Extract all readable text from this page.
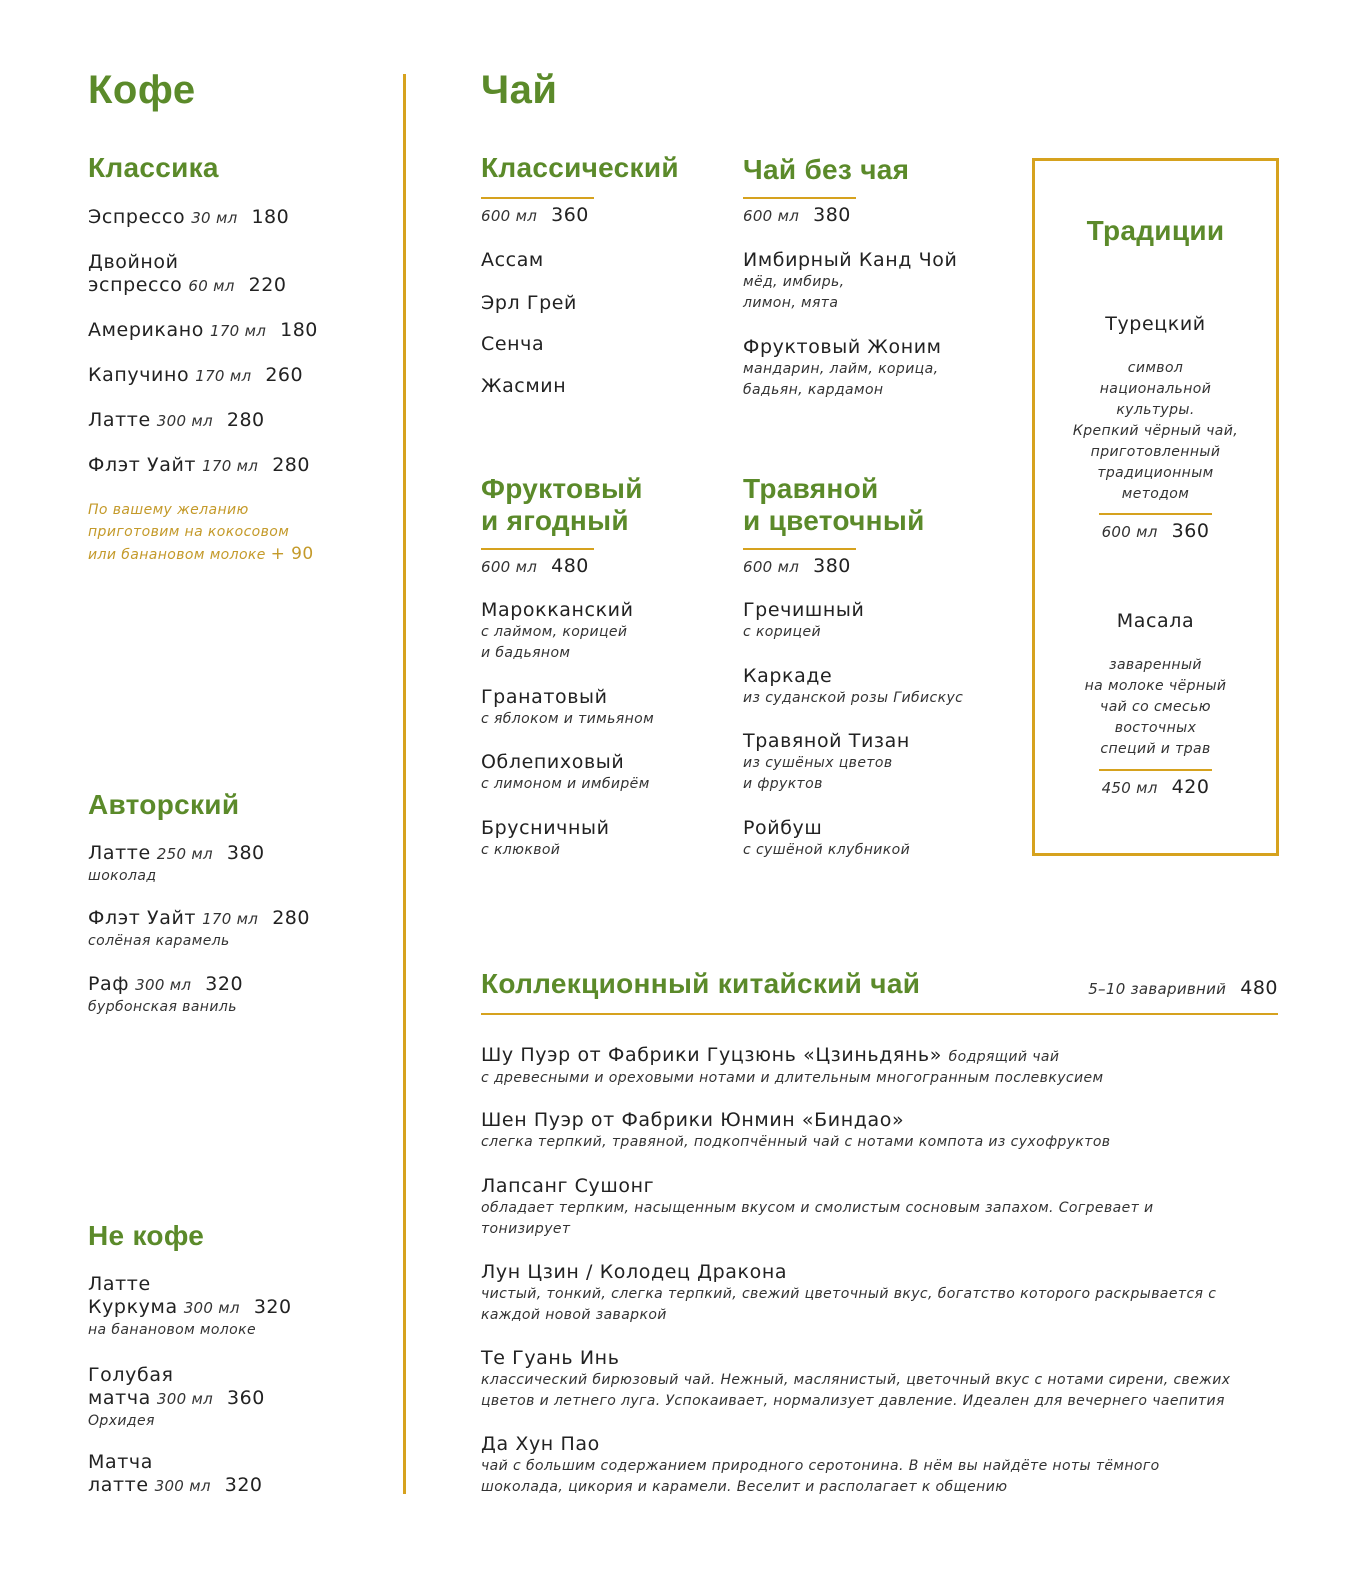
Кофе
Классика
Эспрессо 30 мл 180
Двойной
эспрессо 60 мл 220
Американо 170 мл 180
Капучино 170 мл 260
Латте 300 мл 280
Флэт Уайт 170 мл 280
По вашему желанию
приготовим на кокосовом
или банановом молоке + 90
Авторский
Латте 250 мл 380
шоколад
Флэт Уайт 170 мл 280
солёная карамель
Раф 300 мл 320
бурбонская ваниль
Не кофе
Латте
Куркума 300 мл 320
на банановом молоке
Голубая
матча 300 мл 360
Орхидея
Матча
латте 300 мл 320
Чай
Классический
600 мл 360
Ассам
Эрл Грей
Сенча
Жасмин
Чай без чая
600 мл 380
Имбирный Канд Чой
мёд, имбирь,
лимон, мята
Фруктовый Жоним
мандарин, лайм, корица,
бадьян, кардамон
Фруктовый
и ягодный
600 мл 480
Марокканский
с лаймом, корицей
и бадьяном
Гранатовый
с яблоком и тимьяном
Облепиховый
с лимоном и имбирём
Брусничный
с клюквой
Травяной
и цветочный
600 мл 380
Гречишный
с корицей
Каркаде
из суданской розы Гибискус
Травяной Тизан
из сушёных цветов
и фруктов
Ройбуш
с сушёной клубникой
Традиции
Турецкий
символ
национальной
культуры.
Крепкий чёрный чай,
приготовленный
традиционным
методом
600 мл 360
Масала
заваренный
на молоке чёрный
чай со смесью
восточных
специй и трав
450 мл 420
Коллекционный китайский чай	5–10 заваривний 480
Шу Пуэр от Фабрики Гуцзюнь «Цзиньдянь» бодрящий чай
с древесными и ореховыми нотами и длительным многогранным послевкусием
Шен Пуэр от Фабрики Юнмин «Биндао»
слегка терпкий, травяной, подкопчённый чай с нотами компота из сухофруктов
Лапсанг Сушонг
обладает терпким, насыщенным вкусом и смолистым сосновым запахом. Согревает и
тонизирует
Лун Цзин / Колодец Дракона
чистый, тонкий, слегка терпкий, свежий цветочный вкус, богатство которого раскрывается с
каждой новой заваркой
Те Гуань Инь
классический бирюзовый чай. Нежный, маслянистый, цветочный вкус с нотами сирени, свежих
цветов и летнего луга. Успокаивает, нормализует давление. Идеален для вечернего чаепития
Да Хун Пао
чай с большим содержанием природного серотонина. В нём вы найдёте ноты тёмного
шоколада, цикория и карамели. Веселит и располагает к общению
